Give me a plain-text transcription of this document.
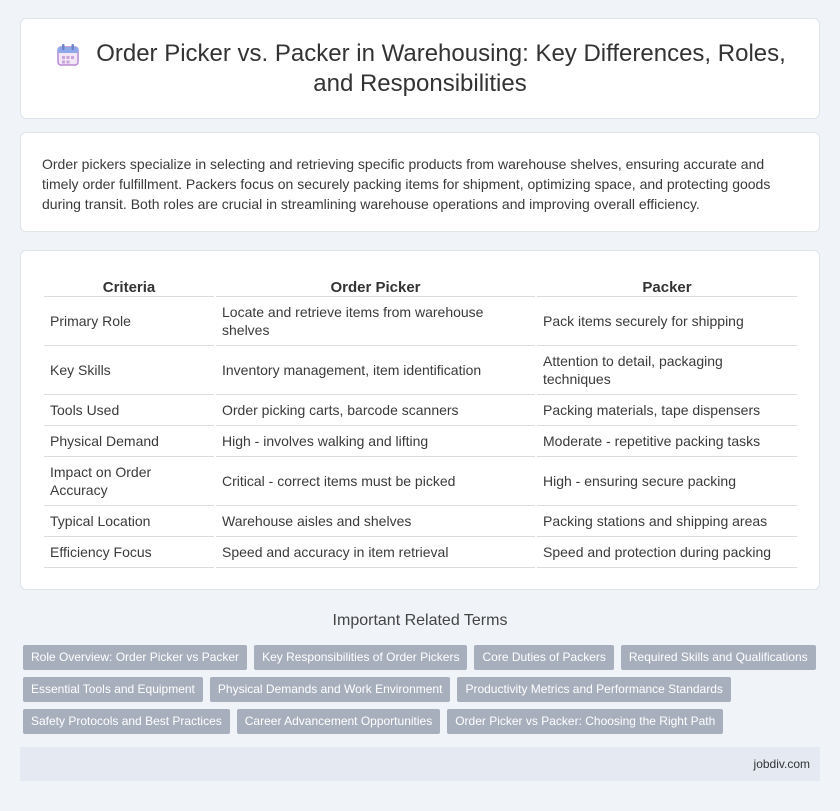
Order Picker vs. Packer in Warehousing: Key Differences, Roles, and Responsibilities

Order pickers specialize in selecting and retrieving specific products from warehouse shelves, ensuring accurate and timely order fulfillment. Packers focus on securely packing items for shipment, optimizing space, and protecting goods during transit. Both roles are crucial in streamlining warehouse operations and improving overall efficiency.

Criteria	Order Picker	Packer
Primary Role	Locate and retrieve items from warehouse shelves	Pack items securely for shipping
Key Skills	Inventory management, item identification	Attention to detail, packaging techniques
Tools Used	Order picking carts, barcode scanners	Packing materials, tape dispensers
Physical Demand	High - involves walking and lifting	Moderate - repetitive packing tasks
Impact on Order Accuracy	Critical - correct items must be picked	High - ensuring secure packing
Typical Location	Warehouse aisles and shelves	Packing stations and shipping areas
Efficiency Focus	Speed and accuracy in item retrieval	Speed and protection during packing
Important Related Terms
Role Overview: Order Picker vs Packer	Key Responsibilities of Order Pickers	Core Duties of Packers	Required Skills and Qualifications
Essential Tools and Equipment	Physical Demands and Work Environment	Productivity Metrics and Performance Standards
Safety Protocols and Best Practices	Career Advancement Opportunities	Order Picker vs Packer: Choosing the Right Path
jobdiv.com
